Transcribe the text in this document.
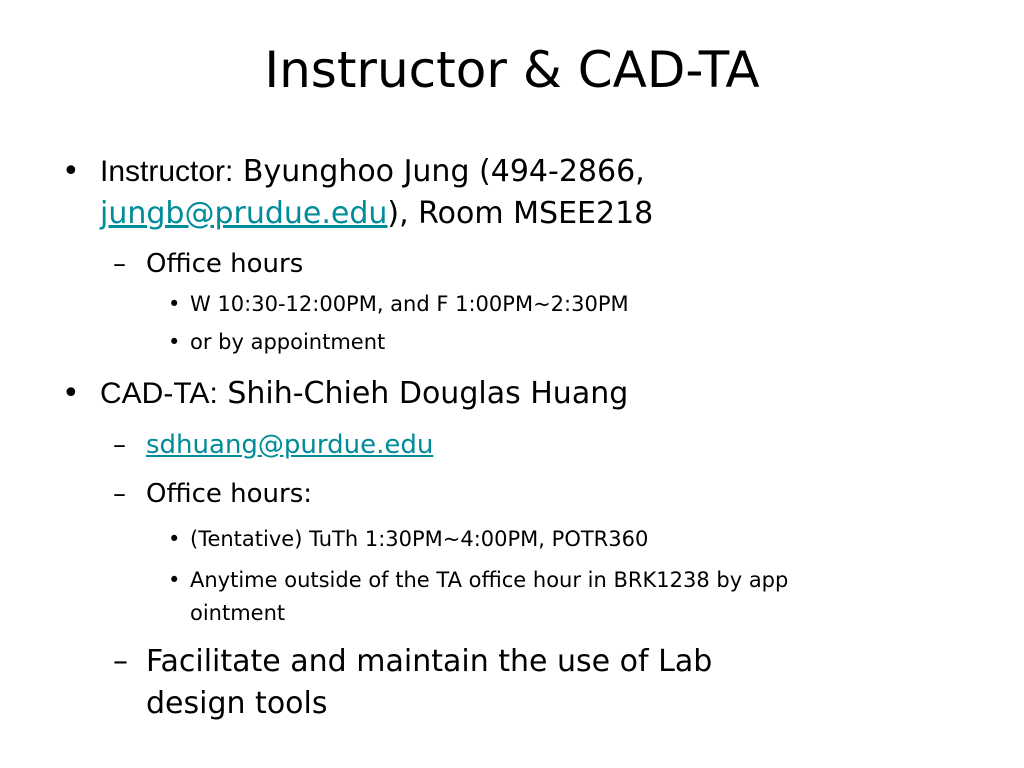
Instructor & CAD-TA
• Instructor: Byunghoo Jung (494-2866,
jungb@prudue.edu), Room MSEE218
– Office hours
• W 10:30-12:00PM, and F 1:00PM~2:30PM
• or by appointment
• CAD-TA: Shih-Chieh Douglas Huang
– sdhuang@purdue.edu
– Office hours:
• (Tentative) TuTh 1:30PM~4:00PM, POTR360
• Anytime outside of the TA office hour in BRK1238 by app
ointment
– Facilitate and maintain the use of Lab
design tools
